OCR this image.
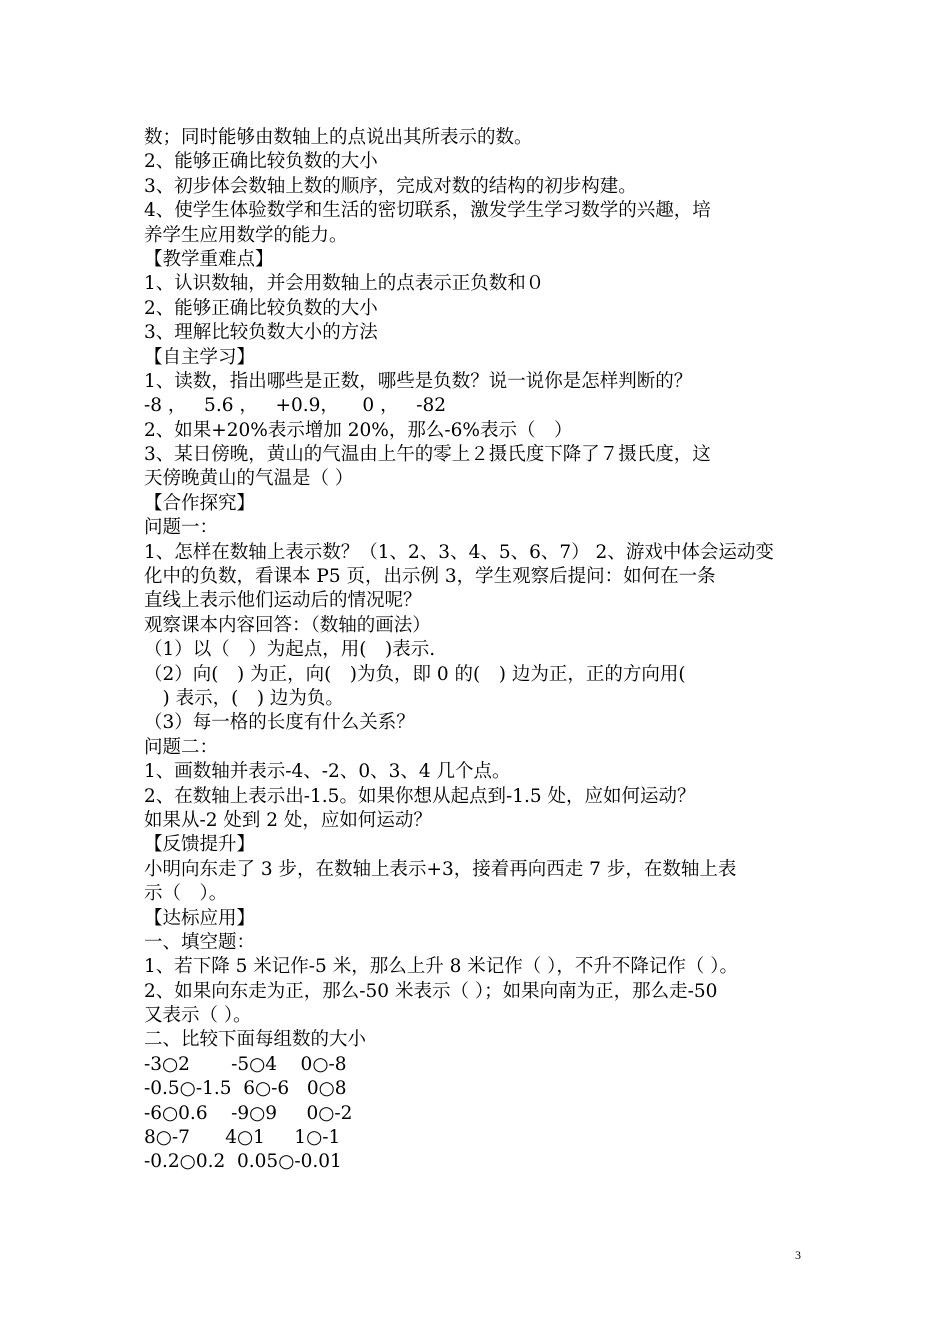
数；同时能够由数轴上的点说出其所表示的数。
2、能够正确比较负数的大小
3、初步体会数轴上数的顺序，完成对数的结构的初步构建。
4、使学生体验数学和生活的密切联系，激发学生学习数学的兴趣，培
养学生应用数学的能力。
【教学重难点】
1、认识数轴，并会用数轴上的点表示正负数和０
2、能够正确比较负数的大小
3、理解比较负数大小的方法
【自主学习】
1、读数，指出哪些是正数，哪些是负数？说一说你是怎样判断的？
-8 ，   5.6 ，   +0.9，    0 ，   -82
2、如果+20%表示增加 20%，那么-6%表示（　）
3、某日傍晚，黄山的气温由上午的零上２摄氏度下降了７摄氏度，这
天傍晚黄山的气温是（ ）
【合作探究】
问题一：
1、怎样在数轴上表示数？（1、2、3、4、5、6、7） 2、游戏中体会运动变
化中的负数，看课本 P5 页，出示例 3，学生观察后提问：如何在一条
直线上表示他们运动后的情况呢？
观察课本内容回答：（数轴的画法）
（1）以（　）为起点，用(　)表示.
（2）向(　) 为正，向(　)为负，即 0 的(　) 边为正，正的方向用(
　) 表示，(　) 边为负。
（3）每一格的长度有什么关系？
问题二：
1、画数轴并表示-4、-2、0、3、4 几个点。
2、在数轴上表示出-1.5。如果你想从起点到-1.5 处，应如何运动？
如果从-2 处到 2 处，应如何运动？
【反馈提升】
小明向东走了 3 步，在数轴上表示+3，接着再向西走 7 步，在数轴上表
示（　）。
【达标应用】
一、填空题：
1、若下降 5 米记作-5 米，那么上升 8 米记作（ ），不升不降记作（ ）。
2、如果向东走为正，那么-50 米表示（ ）；如果向南为正，那么走-50
又表示（ ）。
二、比较下面每组数的大小
-3○2       -5○4    0○-8
-0.5○-1.5  6○-6   0○8
-6○0.6    -9○9     0○-2
8○-7      4○1     1○-1
-0.2○0.2  0.05○-0.01
3
